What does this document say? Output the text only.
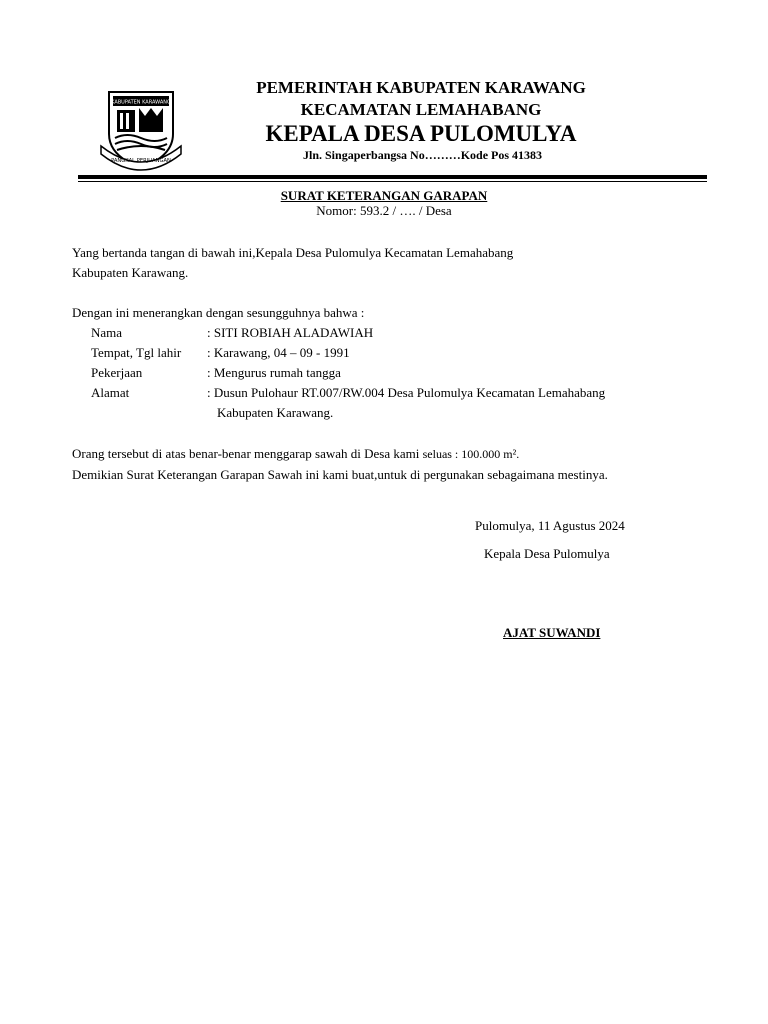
KABUPATEN KARAWANG
PANGKAL PERJUANGAN
PEMERINTAH KABUPATEN KARAWANG
KECAMATAN LEMAHABANG
KEPALA DESA PULOMULYA
Jln. Singaperbangsa No………Kode Pos 41383
SURAT KETERANGAN GARAPAN
Nomor: 593.2 / …. / Desa
Yang bertanda tangan di bawah ini,Kepala Desa Pulomulya Kecamatan Lemahabang
Kabupaten Karawang.
Dengan ini menerangkan dengan sesungguhnya bahwa :
Nama	: SITI ROBIAH ALADAWIAH
Tempat, Tgl lahir : Karawang, 04 – 09 - 1991
Pekerjaan	: Mengurus rumah tangga
Alamat	: Dusun Pulohaur RT.007/RW.004 Desa Pulomulya Kecamatan Lemahabang
Kabupaten Karawang.
Orang tersebut di atas benar-benar menggarap sawah di Desa kami seluas : 100.000 m².
Demikian Surat Keterangan Garapan Sawah ini kami buat,untuk di pergunakan sebagaimana mestinya.
Pulomulya, 11 Agustus 2024
Kepala Desa Pulomulya
AJAT SUWANDI
